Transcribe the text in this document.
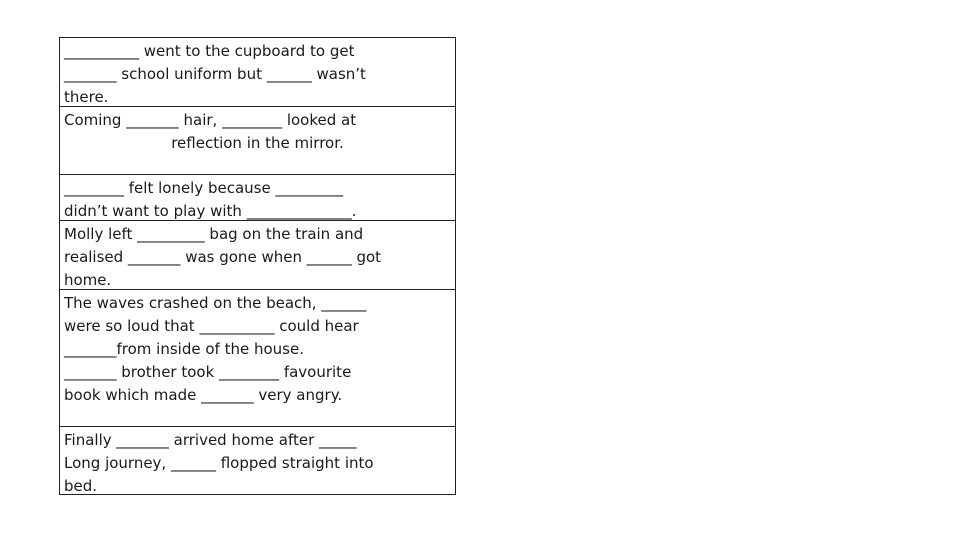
__________ went to the cupboard to get
_______ school uniform but ______ wasn’t
there.
Coming _______ hair, ________ looked at
reflection in the mirror.
________ felt lonely because _________
didn’t want to play with ______________.
Molly left _________ bag on the train and
realised _______ was gone when ______ got
home.
The waves crashed on the beach, ______
were so loud that __________ could hear
_______from inside of the house.
_______ brother took ________ favourite
book which made _______ very angry.
Finally _______ arrived home after _____
Long journey, ______ flopped straight into
bed.
